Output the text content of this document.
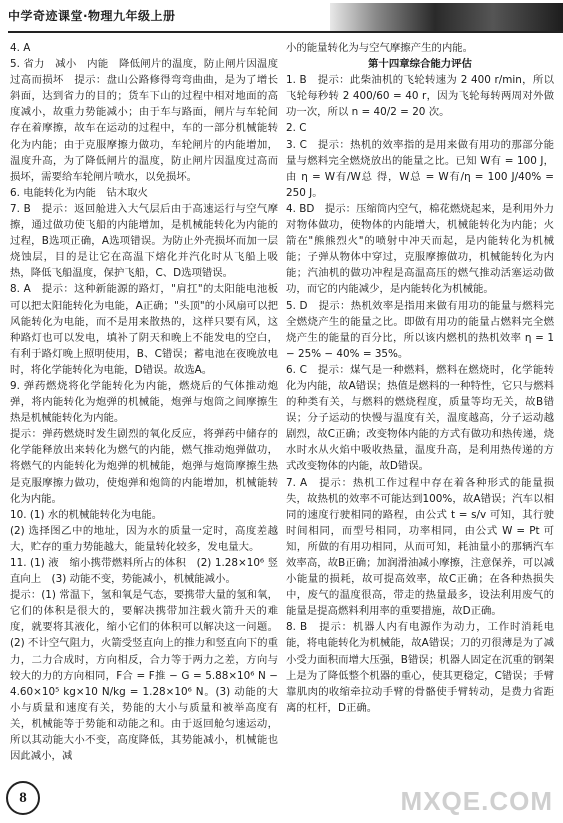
中学奇迹课堂·物理九年级上册

4. A

5. 省力　减小　内能　降低闸片的温度，防止闸片因温度过高而损坏　提示：盘山公路修得弯弯曲曲，是为了增长斜面，达到省力的目的；货车下山的过程中相对地面的高度减小，故重力势能减小；由于车与路面，闸片与车轮间存在着摩擦，故车在运动的过程中，车的一部分机械能转化为内能；由于克服摩擦力做功，车轮闸片的内能增加，温度升高，为了降低闸片的温度，防止闸片因温度过高而损坏，需要给车轮闸片喷水，以免损坏。

6. 电能转化为内能　钻木取火

7. B　提示：返回舱进入大气层后由于高速运行与空气摩擦，通过做功使飞船的内能增加，是机械能转化为内能的过程，B选项正确，A选项错误。为防止外壳损坏而加一层烧蚀层，目的是让它在高温下熔化并汽化时从飞船上吸热，降低飞船温度，保护飞船，C、D选项错误。

8. A　提示：这种新能源的路灯，"肩扛"的太阳能电池板可以把太阳能转化为电能，A正确；"头顶"的小风扇可以把风能转化为电能，而不是用来散热的，这样只要有风，这种路灯也可以发电，填补了阴天和晚上不能发电的空白，有利于路灯晚上照明使用，B、C错误；蓄电池在夜晚放电时，将化学能转化为电能，D错误。故选A。

9. 弹药燃烧将化学能转化为内能，燃烧后的气体推动炮弹，将内能转化为炮弹的机械能，炮弹与炮筒之间摩擦生热是机械能转化为内能。

提示：弹药燃烧时发生剧烈的氧化反应，将弹药中储存的化学能释放出来转化为燃气的内能，燃气推动炮弹做功，将燃气的内能转化为炮弹的机械能，炮弹与炮筒摩擦生热是克服摩擦力做功，使炮弹和炮筒的内能增加，机械能转化为内能。

10. (1) 水的机械能转化为电能。

(2) 选择图乙中的地址，因为水的质量一定时，高度差越大，贮存的重力势能越大，能量转化较多，发电量大。

11. (1) 液　缩小携带燃料所占的体积　(2) 1.28×10⁶ 竖直向上　(3) 动能不变，势能减小，机械能减小。

提示：(1) 常温下，氢和氧是气态，要携带大量的氢和氧，它们的体积是很大的，要解决携带加注载火箭升天的难度，就要将其液化，缩小它们的体积可以解决这一问题。(2) 不计空气阻力，火箭受竖直向上的推力和竖直向下的重力，二力合成时，方向相反，合力等于两力之差，方向与较大的力的方向相同，F合 = F推 − G = 5.88×10⁶ N − 4.60×10⁵ kg×10 N/kg = 1.28×10⁶ N。(3) 动能的大小与质量和速度有关，势能的大小与质量和被举高度有关，机械能等于势能和动能之和。由于返回舱匀速运动，所以其动能大小不变，高度降低，其势能减小，机械能也因此减小，减

小的能量转化为与空气摩擦产生的内能。

第十四章综合能力评估

1. B　提示：此柴油机的飞轮转速为 2 400 r/min，所以飞轮每秒转 2 400/60 = 40 r，因为飞轮每转两周对外做功一次，所以 n = 40/2 = 20 次。

2. C

3. C　提示：热机的效率指的是用来做有用功的那部分能量与燃料完全燃烧放出的能量之比。已知 W有 = 100 J，由 η = W有/W总 得，W总 = W有/η = 100 J/40% = 250 J。

4. BD　提示：压缩筒内空气，棉花燃烧起来，是利用外力对物体做功，使物体的内能增大，机械能转化为内能；火箭在"熊熊烈火"的喷射中冲天而起，是内能转化为机械能；子弹从物体中穿过，克服摩擦做功，机械能转化为内能；汽油机的做功冲程是高温高压的燃气推动活塞运动做功，而它的内能减少，是内能转化为机械能。

5. D　提示：热机效率是指用来做有用功的能量与燃料完全燃烧产生的能量之比。即做有用功的能量占燃料完全燃烧产生的能量的百分比，所以该内燃机的热机效率 η = 1 − 25% − 40% = 35%。

6. C　提示：煤气是一种燃料，燃料在燃烧时，化学能转化为内能，故A错误；热值是燃料的一种特性，它只与燃料的种类有关，与燃料的燃烧程度，质量等均无关，故B错误；分子运动的快慢与温度有关，温度越高，分子运动越剧烈，故C正确；改变物体内能的方式有做功和热传递，烧水时水从火焰中吸收热量，温度升高，是利用热传递的方式改变物体的内能，故D错误。

7. A　提示：热机工作过程中存在着各种形式的能量损失，故热机的效率不可能达到100%，故A错误；汽车以相同的速度行驶相同的路程，由公式 t = s/v 可知，其行驶时间相同，而型号相同，功率相同，由公式 W = Pt 可知，所做的有用功相同，从而可知，耗油量小的那辆汽车效率高，故B正确；加润滑油减小摩擦，注意保养，可以减小能量的损耗，故可提高效率，故C正确；在各种热损失中，废气的温度很高，带走的热量最多，设法利用废气的能量是提高燃料利用率的重要措施，故D正确。

8. B　提示：机器人内有电源作为动力，工作时消耗电能，将电能转化为机械能，故A错误；刀的刃很薄是为了减小受力面积而增大压强，B错误；机器人固定在沉重的钢架上是为了降低整个机器的重心，使其更稳定，C错误；手臂靠肌肉的收缩牵拉动手臂的骨骼使手臂转动，是费力省距离的杠杆，D正确。

8	MXQE.COM
